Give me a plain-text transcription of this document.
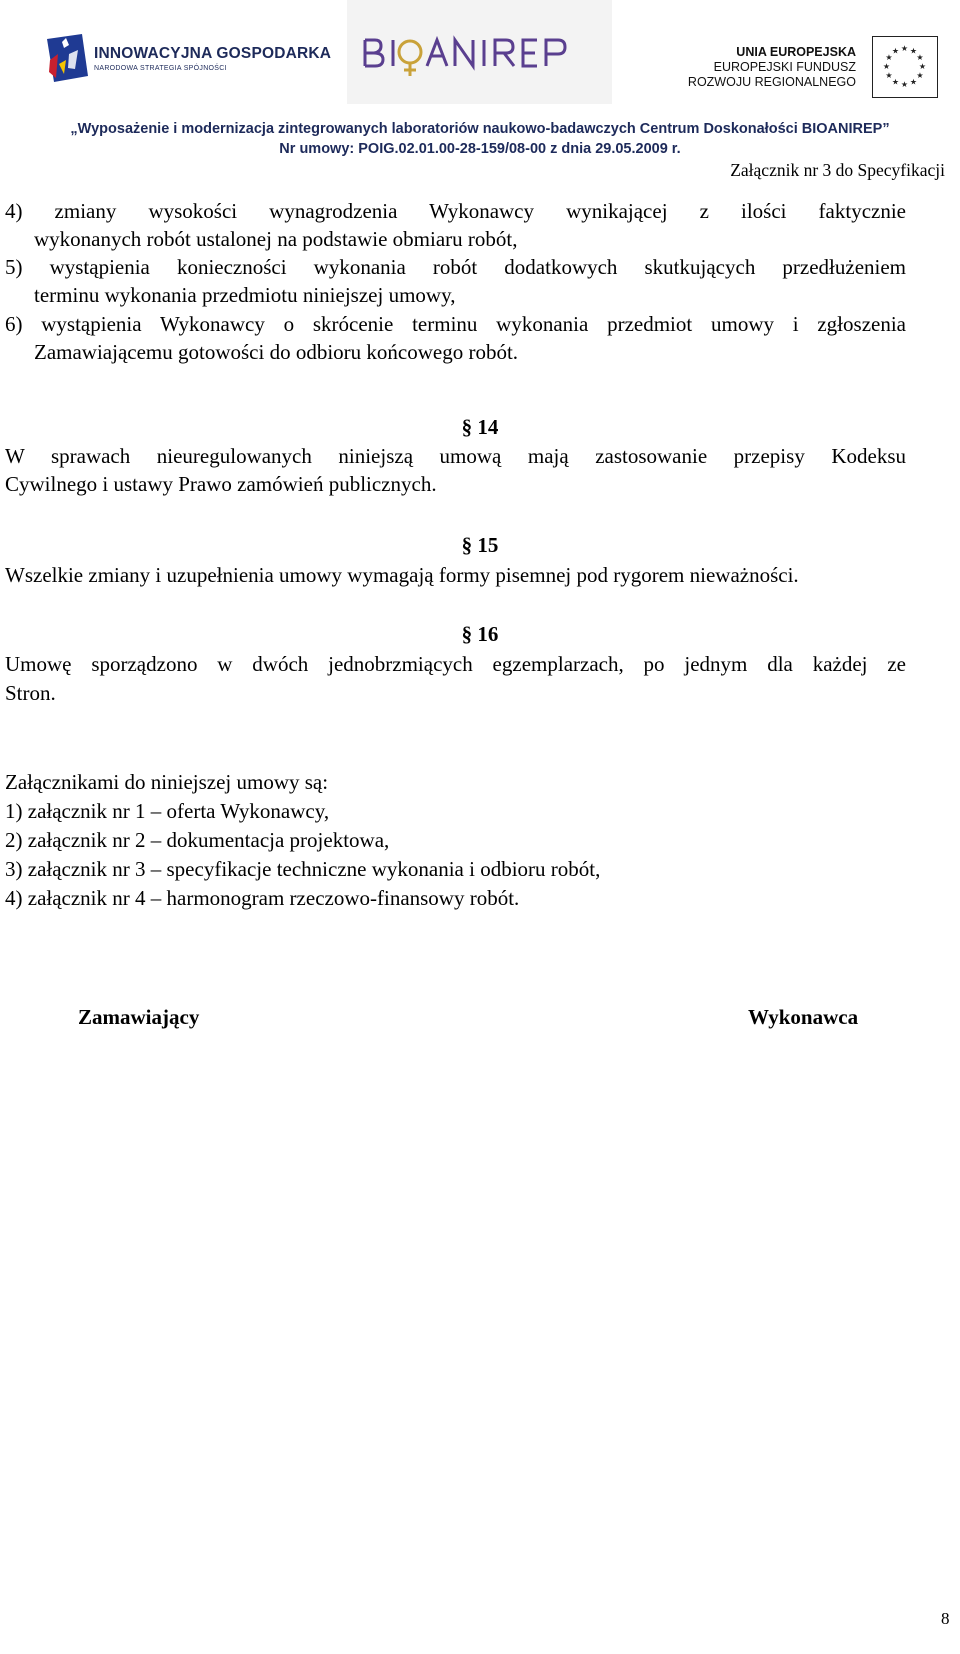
INNOWACYJNA GOSPODARKA
NARODOWA STRATEGIA SPÓJNOŚCI
UNIA EUROPEJSKA
EUROPEJSKI FUNDUSZ
ROZWOJU REGIONALNEGO
★ ★
★
★
★
★
★
★
★
★
★
★
„Wyposażenie i modernizacja zintegrowanych laboratoriów naukowo-badawczych Centrum Doskonałości BIOANIREP”
Nr umowy: POIG.02.01.00-28-159/08-00 z dnia 29.05.2009 r.
Załącznik nr 3 do Specyfikacji
4) zmiany wysokości wynagrodzenia Wykonawcy wynikającej z ilości faktycznie
wykonanych robót ustalonej na podstawie obmiaru robót,
5) wystąpienia konieczności wykonania robót dodatkowych skutkujących przedłużeniem
terminu wykonania przedmiotu niniejszej umowy,
6) wystąpienia Wykonawcy o skrócenie terminu wykonania przedmiot umowy i zgłoszenia
Zamawiającemu gotowości do odbioru końcowego robót.
§ 14
W sprawach nieuregulowanych niniejszą umową mają zastosowanie przepisy Kodeksu
Cywilnego i ustawy Prawo zamówień publicznych.
§ 15
Wszelkie zmiany i uzupełnienia umowy wymagają formy pisemnej pod rygorem nieważności.
§ 16
Umowę sporządzono w dwóch jednobrzmiących egzemplarzach, po jednym dla każdej ze
Stron.
Załącznikami do niniejszej umowy są:
1) załącznik nr 1 – oferta Wykonawcy,
2) załącznik nr 2 – dokumentacja projektowa,
3) załącznik nr 3 – specyfikacje techniczne wykonania i odbioru robót,
4) załącznik nr 4 – harmonogram rzeczowo-finansowy robót.
Zamawiający	Wykonawca
8
